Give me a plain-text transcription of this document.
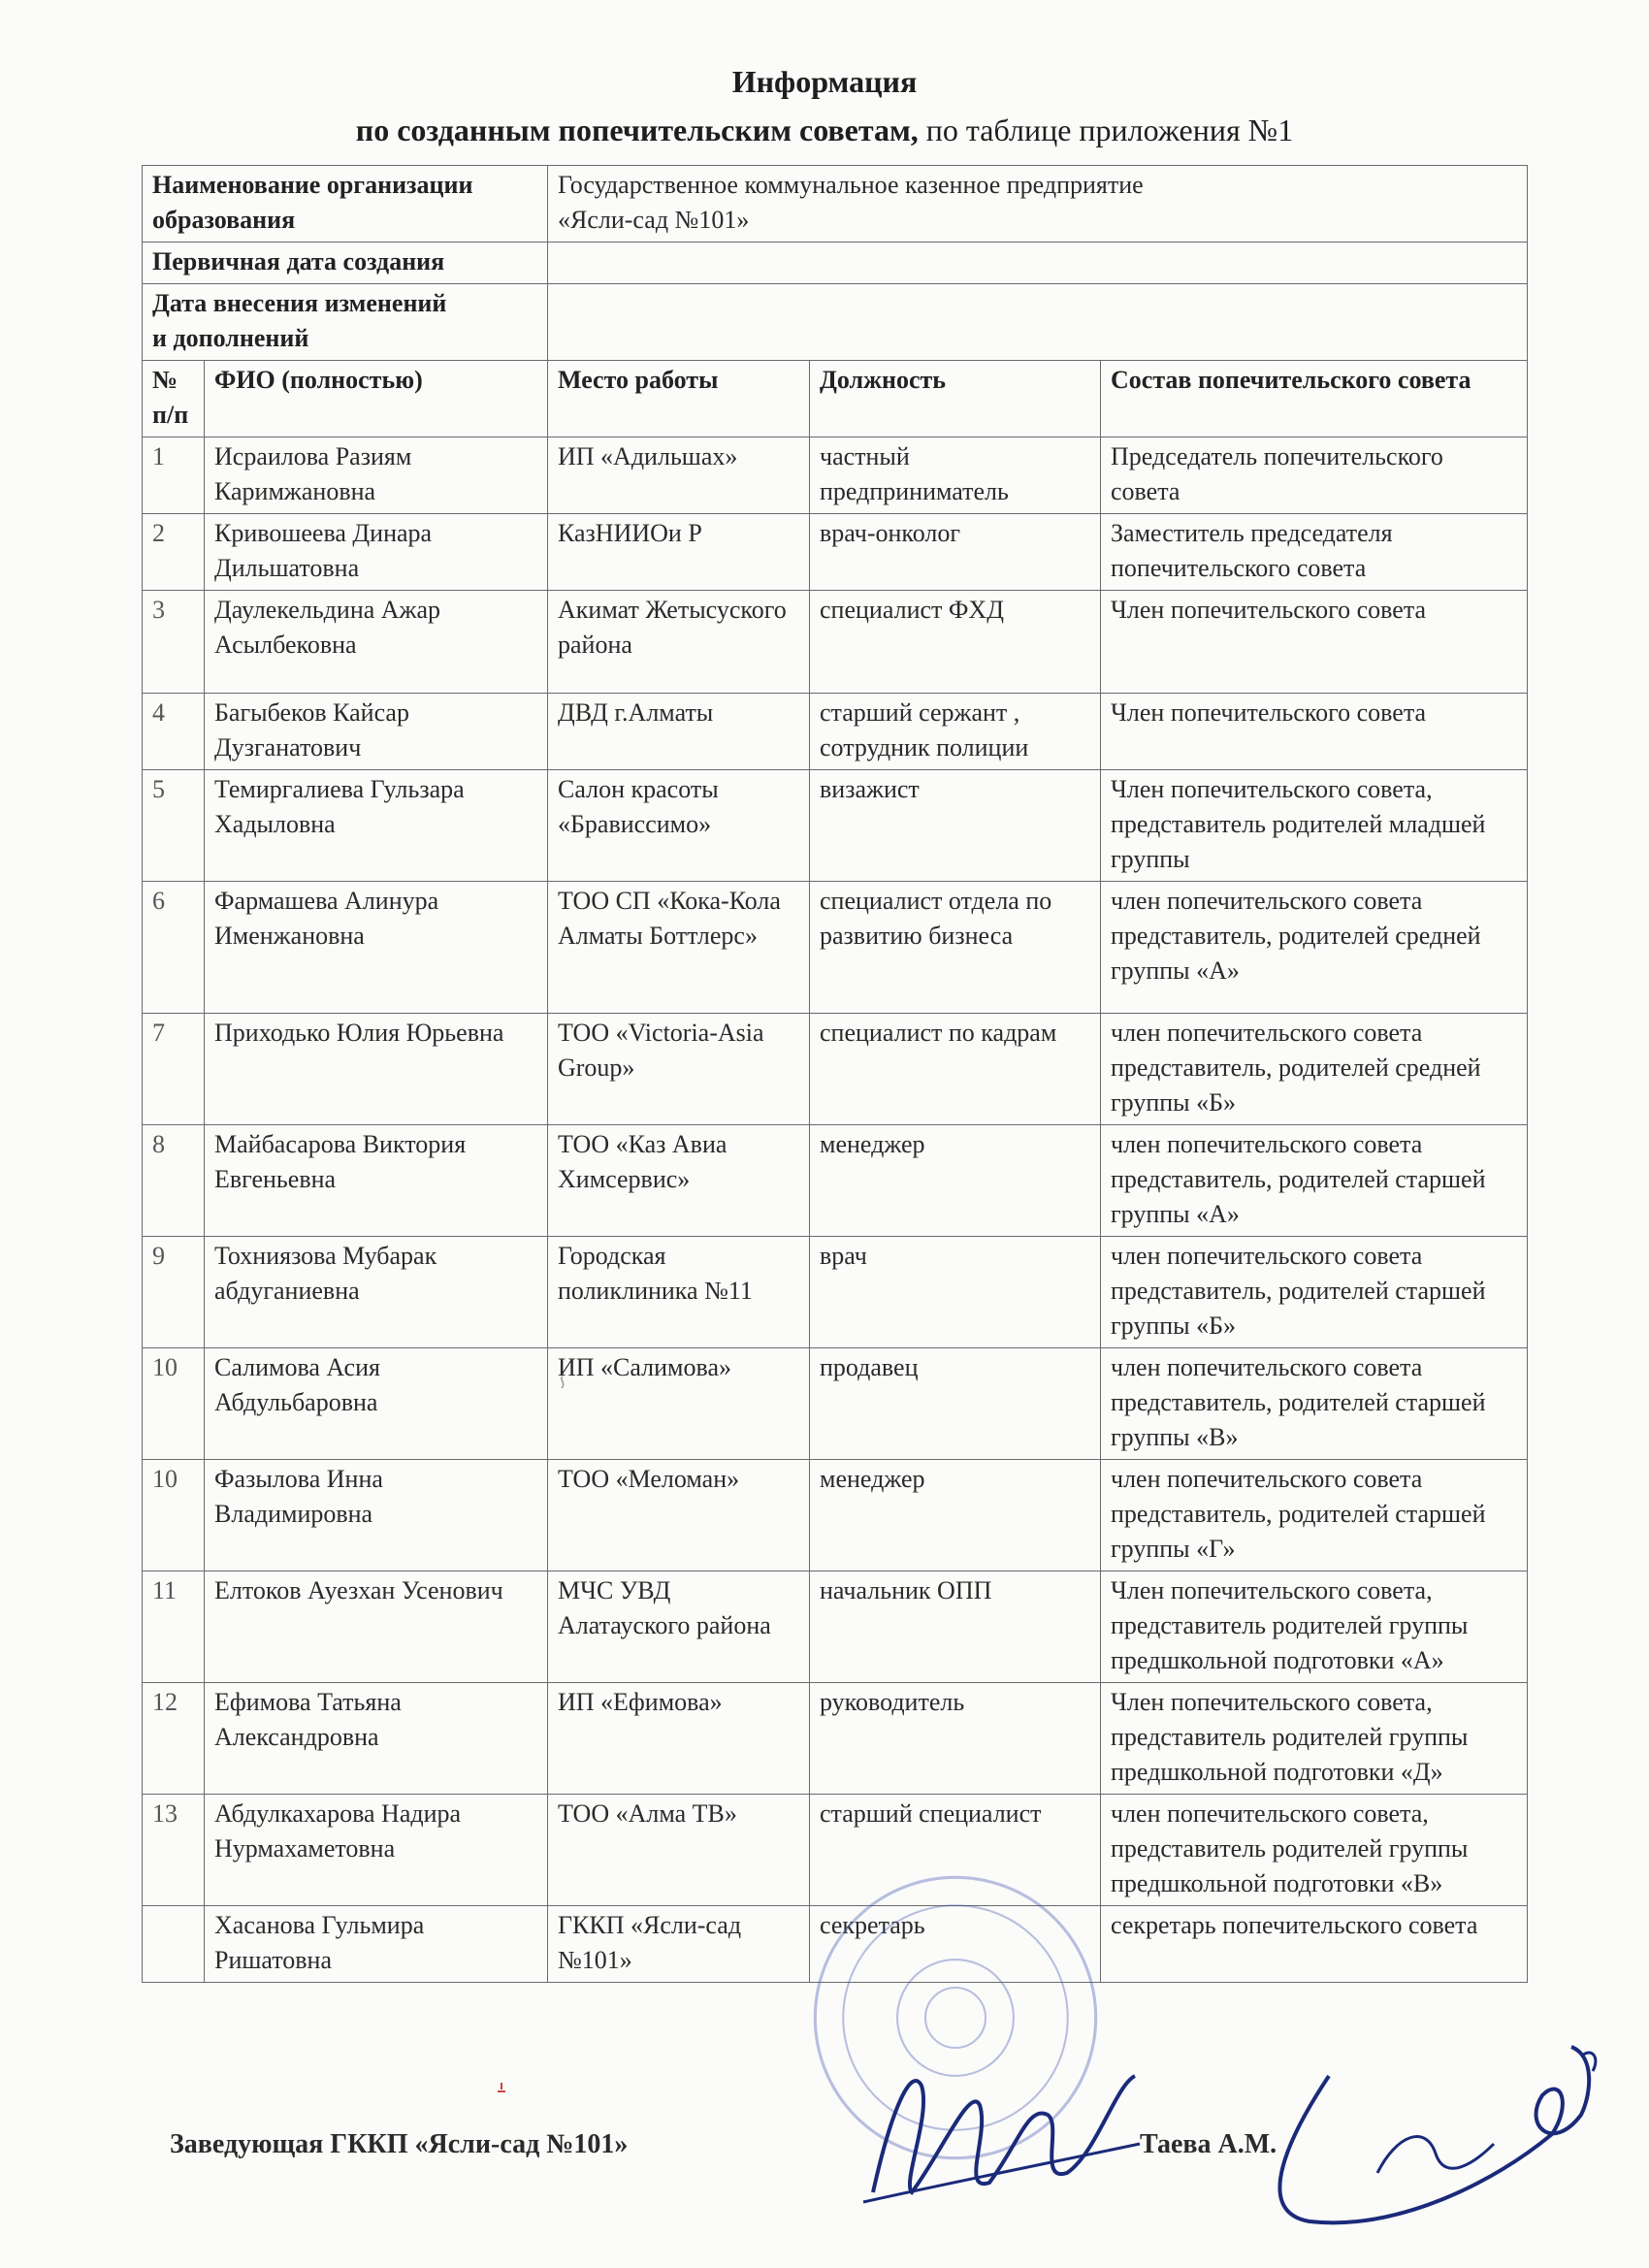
Информация
по созданным попечительским советам, по таблице приложения №1
Наименование организации образования		Государственное коммунальное казенное предприятие
«Ясли-сад №101»		
Первичная дата создания				
Дата внесения изменений
и дополнений				
№ п/п	ФИО (полностью)	Место работы	Должность	Состав попечительского совета
1	Исраилова Разиям Каримжановна	ИП «Адильшах»	частный предприниматель	Председатель попечительского совета
2	Кривошеева Динара Дильшатовна	КазНИИОи Р	врач-онколог	Заместитель председателя попечительского совета
3	Даулекельдина Ажар Асылбековна	Акимат Жетысуского района	специалист ФХД	Член попечительского совета
4	Багыбеков Кайсар Дузганатович	ДВД г.Алматы	старший сержант , сотрудник полиции	Член попечительского совета
5	Темиргалиева Гульзара Хадыловна	Салон красоты «Брависсимо»	визажист	Член попечительского совета, представитель родителей младшей группы
6	Фармашева Алинура Именжановна	ТОО СП «Кока-Кола Алматы Боттлерс»	специалист отдела по развитию бизнеса	член попечительского совета представитель, родителей средней группы «А»
7	Приходько Юлия Юрьевна	ТОО «Victoria-Asia Group»	специалист по кадрам	член попечительского совета представитель, родителей средней группы «Б»
8	Майбасарова Виктория Евгеньевна	ТОО «Каз Авиа Химсервис»	менеджер	член попечительского совета представитель, родителей старшей группы «А»
9	Тохниязова Мубарак абдуганиевна	Городская поликлиника №11	врач	член попечительского совета представитель, родителей старшей группы «Б»
10	Салимова Асия Абдульбаровна	ИП «Салимова»	продавец	член попечительского совета представитель, родителей старшей группы «В»
10	Фазылова Инна Владимировна	ТОО «Меломан»	менеджер	член попечительского совета представитель, родителей старшей группы «Г»
11	Елтоков Ауезхан Усенович	МЧС УВД Алатауского района	начальник ОПП	Член попечительского совета, представитель родителей группы предшкольной подготовки «А»
12	Ефимова Татьяна Александровна	ИП «Ефимова»	руководитель	Член попечительского совета, представитель родителей группы предшкольной подготовки «Д»
13	Абдулкахарова Надира Нурмахаметовна	ТОО «Алма ТВ»	старший специалист	член попечительского совета, представитель родителей группы предшкольной подготовки «В»
	Хасанова Гульмира Ришатовна	ГККП «Ясли-сад №101»	секретарь	секретарь попечительского совета
Заведующая ГККП «Ясли-сад №101»	Таева А.М.
